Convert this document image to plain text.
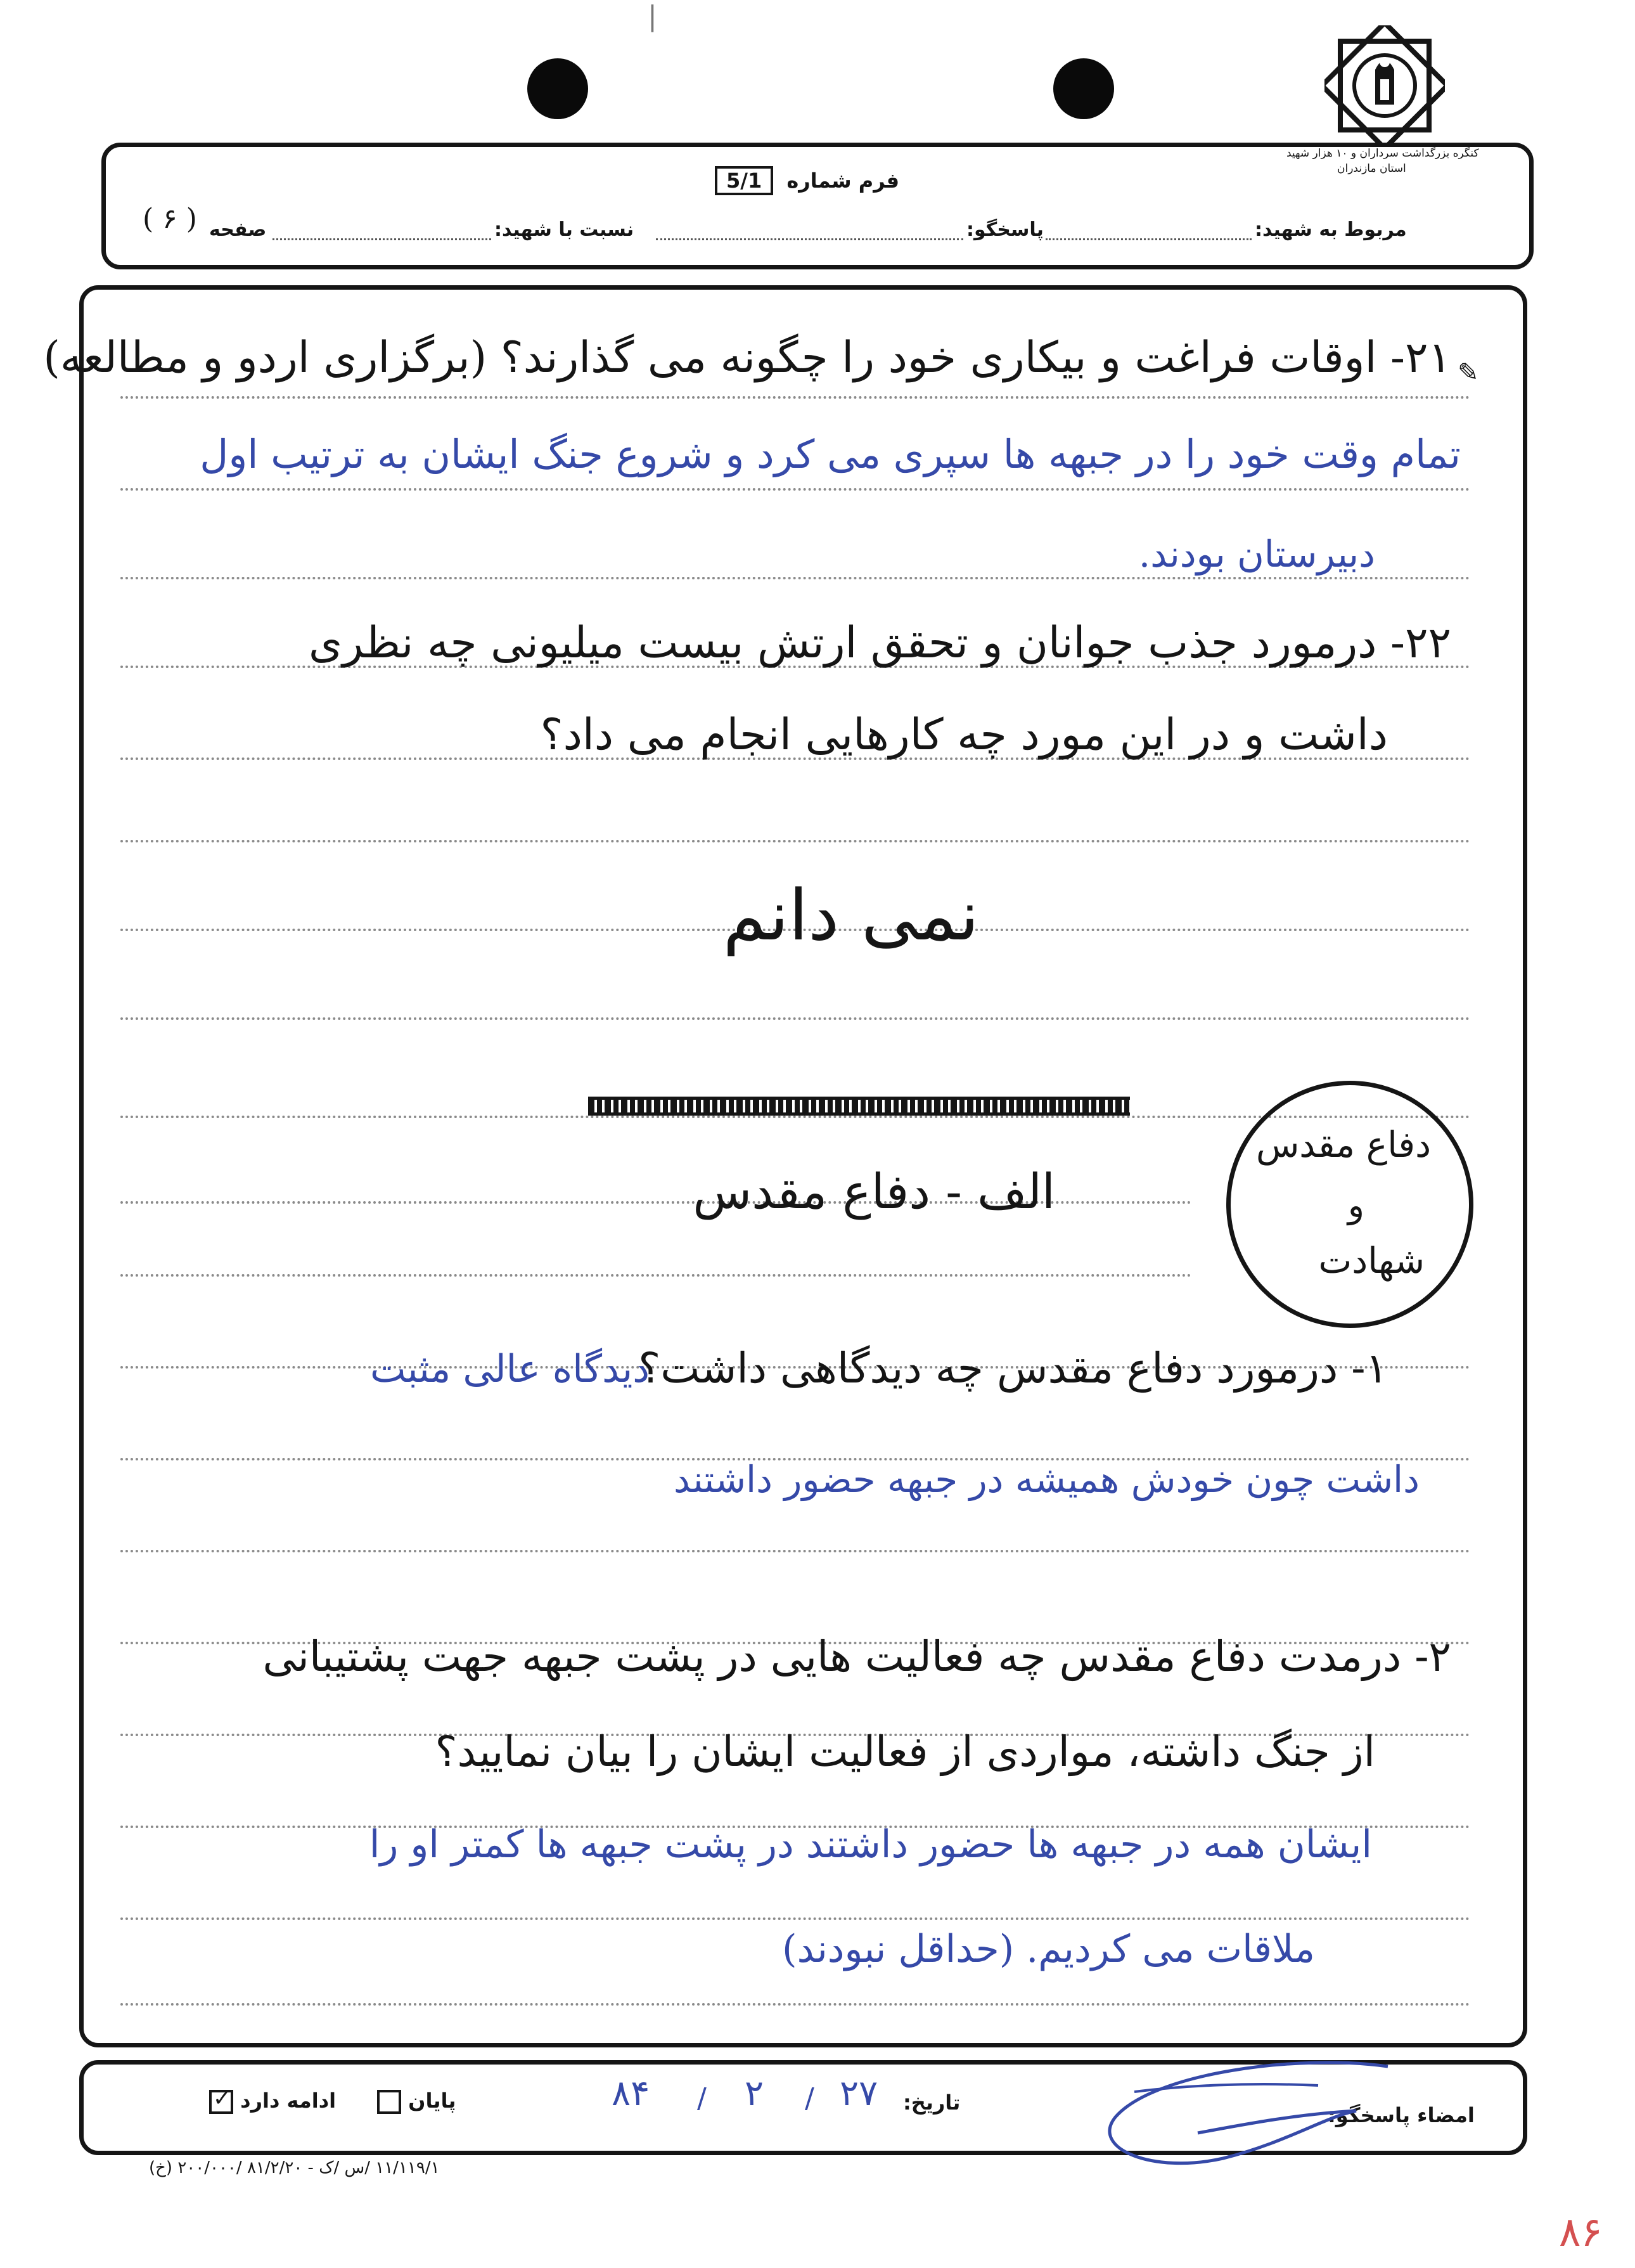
|
کنگره بزرگداشت سرداران و ۱۰ هزار شهید
استان مازندران
فرم شماره 5/1
مربوط به شهید:
پاسخگو:
نسبت با شهید:
صفحه
( ۶ )
✎
۲۱- اوقات فراغت و بیکاری خود را چگونه می گذارند؟ (برگزاری اردو و مطالعه)
تمام وقت خود را در جبهه ها سپری می کرد و شروع جنگ ایشان به ترتیب اول
دبیرستان بودند.
۲۲- درمورد جذب جوانان و تحقق ارتش بیست میلیونی چه نظری
داشت و در این مورد چه کارهایی انجام می داد؟
نمی دانم
دفاع مقدس
و
شهادت
الف - دفاع مقدس
۱- درمورد دفاع مقدس چه دیدگاهی داشت؟
دیدگاه عالی مثبت
داشت چون خودش همیشه در جبهه حضور داشتند
۲- درمدت دفاع مقدس چه فعالیت هایی در پشت جبهه جهت پشتیبانی
از جنگ داشته، مواردی از فعالیت ایشان را بیان نمایید؟
ایشان همه در جبهه ها حضور داشتند در پشت جبهه ها کمتر او را
ملاقات می کردیم. (حداقل نبودند)
ادامه دارد
✓	پایان	تاریخ:
۲۷
/
۲
/
۸۴
امضاء پاسخگو:
۱۱/۱۱۹/۱ /س /ک - ۸۱/۲/۲۰ /۲۰۰/۰۰۰ (خ)
۸۶
